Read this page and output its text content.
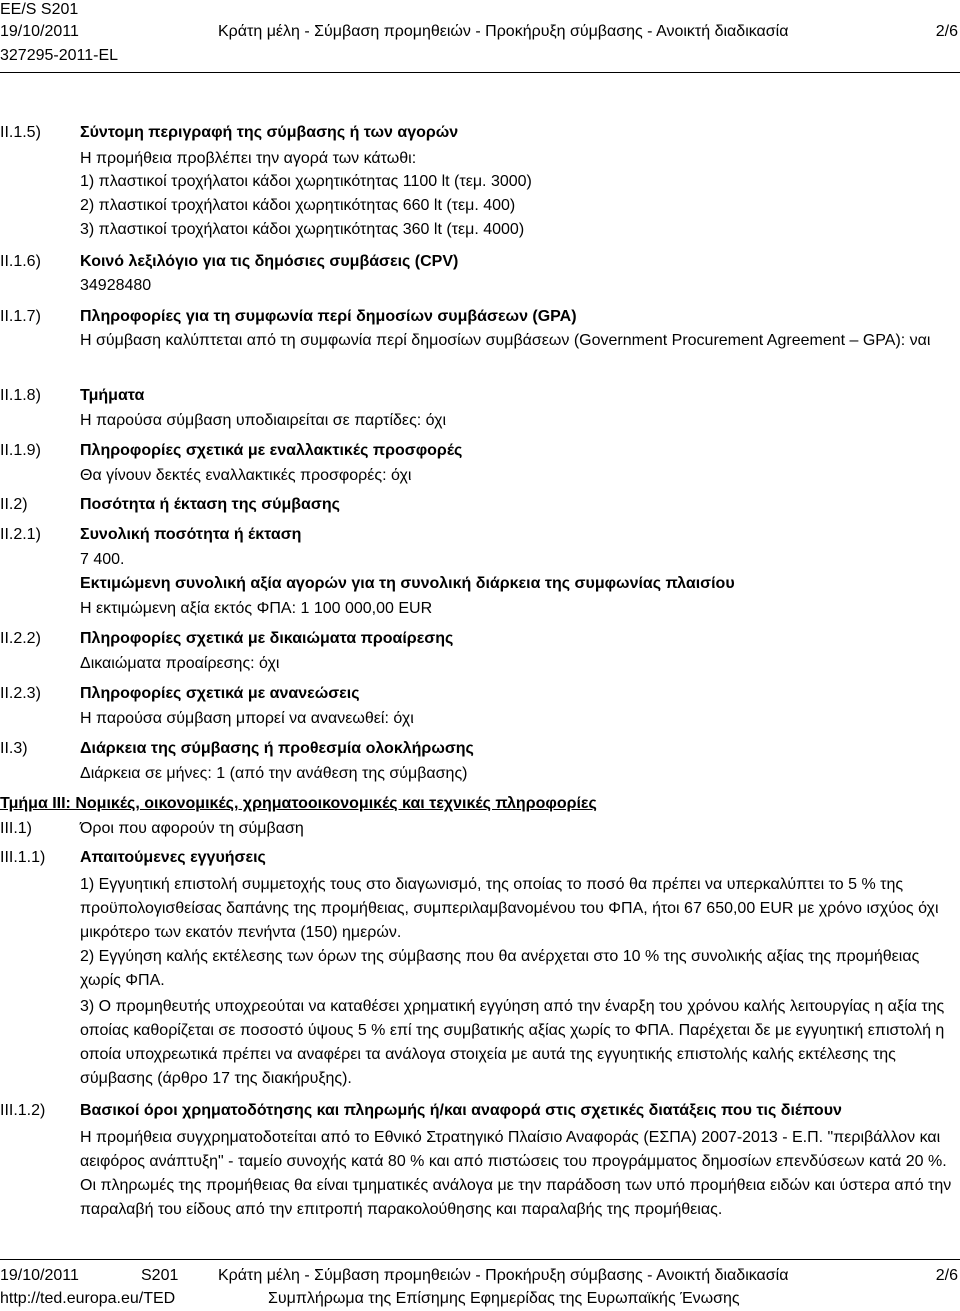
EE/S S201
19/10/2011	Κράτη μέλη - Σύμβαση προμηθειών - Προκήρυξη σύμβασης - Ανοικτή διαδικασία	2/6
327295-2011-EL
II.1.5) Σύντομη περιγραφή της σύμβασης ή των αγορών
Η προμήθεια προβλέπει την αγορά των κάτωθι:
1) πλαστικοί τροχήλατοι κάδοι χωρητικότητας 1100 lt (τεμ. 3000)
2) πλαστικοί τροχήλατοι κάδοι χωρητικότητας 660 lt (τεμ. 400)
3) πλαστικοί τροχήλατοι κάδοι χωρητικότητας 360 lt (τεμ. 4000)
II.1.6) Κοινό λεξιλόγιο για τις δημόσιες συμβάσεις (CPV)
34928480
II.1.7) Πληροφορίες για τη συμφωνία περί δημοσίων συμβάσεων (GPA)
Η σύμβαση καλύπτεται από τη συμφωνία περί δημοσίων συμβάσεων (Government Procurement Agreement – GPA): ναι
II.1.8) Τμήματα
Η παρούσα σύμβαση υποδιαιρείται σε παρτίδες: όχι
II.1.9) Πληροφορίες σχετικά με εναλλακτικές προσφορές
Θα γίνουν δεκτές εναλλακτικές προσφορές: όχι
II.2)	Ποσότητα ή έκταση της σύμβασης
II.2.1) Συνολική ποσότητα ή έκταση
7 400.
Εκτιμώμενη συνολική αξία αγορών για τη συνολική διάρκεια της συμφωνίας πλαισίου
Η εκτιμώμενη αξία εκτός ΦΠΑ: 1 100 000,00 EUR
II.2.2) Πληροφορίες σχετικά με δικαιώματα προαίρεσης
Δικαιώματα προαίρεσης: όχι
II.2.3) Πληροφορίες σχετικά με ανανεώσεις
Η παρούσα σύμβαση μπορεί να ανανεωθεί: όχι
II.3)	Διάρκεια της σύμβασης ή προθεσμία ολοκλήρωσης
Διάρκεια σε μήνες: 1 (από την ανάθεση της σύμβασης)
Τμήμα III: Νομικές, οικονομικές, χρηματοοικονομικές και τεχνικές πληροφορίες
III.1)	Όροι που αφορούν τη σύμβαση
III.1.1) Απαιτούμενες εγγυήσεις
1) Εγγυητική επιστολή συμμετοχής τους στο διαγωνισμό, της οποίας το ποσό θα πρέπει να υπερκαλύπτει το 5 % της προϋπολογισθείσας δαπάνης της προμήθειας, συμπεριλαμβανομένου του ΦΠΑ, ήτοι 67 650,00 EUR με χρόνο ισχύος όχι μικρότερο των εκατόν πενήντα (150) ημερών.
2) Εγγύηση καλής εκτέλεσης των όρων της σύμβασης που θα ανέρχεται στο 10 % της συνολικής αξίας της προμήθειας χωρίς ΦΠΑ.
3) Ο προμηθευτής υποχρεούται να καταθέσει χρηματική εγγύηση από την έναρξη του χρόνου καλής λειτουργίας η αξία της οποίας καθορίζεται σε ποσοστό ύψους 5 % επί της συμβατικής αξίας χωρίς το ΦΠΑ. Παρέχεται δε με εγγυητική επιστολή η οποία υποχρεωτικά πρέπει να αναφέρει τα ανάλογα στοιχεία με αυτά της εγγυητικής επιστολής καλής εκτέλεσης της σύμβασης (άρθρο 17 της διακήρυξης).
III.1.2) Βασικοί όροι χρηματοδότησης και πληρωμής ή/και αναφορά στις σχετικές διατάξεις που τις διέπουν
Η προμήθεια συγχρηματοδοτείται από το Εθνικό Στρατηγικό Πλαίσιο Αναφοράς (ΕΣΠΑ) 2007-2013 - Ε.Π. "περιβάλλον και αειφόρος ανάπτυξη" - ταμείο συνοχής κατά 80 % και από πιστώσεις του προγράμματος δημοσίων επενδύσεων κατά 20 %. Οι πληρωμές της προμήθειας θα είναι τμηματικές ανάλογα με την παράδοση των υπό προμήθεια ειδών και ύστερα από την παραλαβή του είδους από την επιτροπή παρακολούθησης και παραλαβής της προμήθειας.
19/10/2011	S201 Κράτη μέλη - Σύμβαση προμηθειών - Προκήρυξη σύμβασης - Ανοικτή διαδικασία	2/6
http://ted.europa.eu/TED	Συμπλήρωμα της Επίσημης Εφημερίδας της Ευρωπαϊκής Ένωσης
